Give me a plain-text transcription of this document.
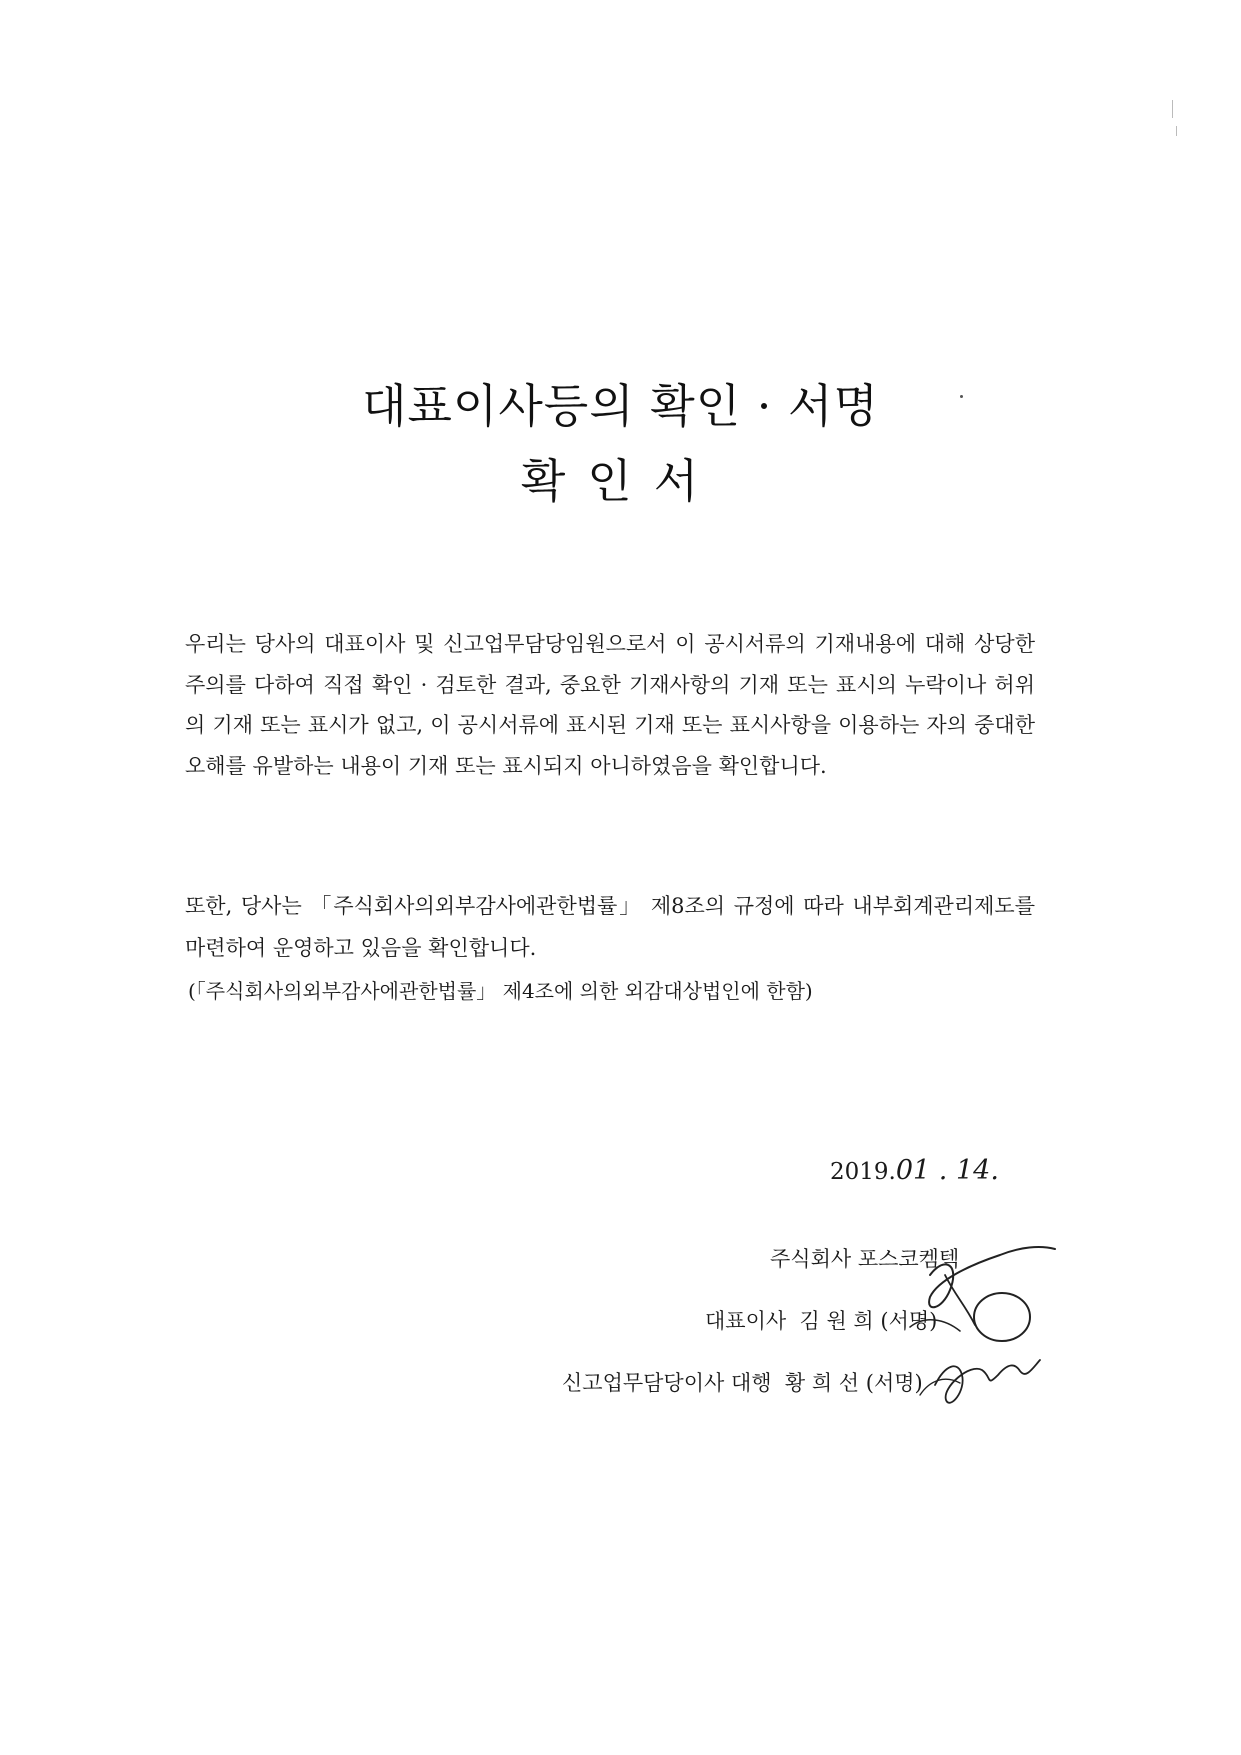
대표이사등의 확인 · 서명
확인서
우리는 당사의 대표이사 및 신고업무담당임원으로서 이 공시서류의 기재내용에 대해 상당한 주의를 다하여 직접 확인 · 검토한 결과, 중요한 기재사항의 기재 또는 표시의 누락이나 허위의 기재 또는 표시가 없고, 이 공시서류에 표시된 기재 또는 표시사항을 이용하는 자의 중대한 오해를 유발하는 내용이 기재 또는 표시되지 아니하였음을 확인합니다.
또한, 당사는 「주식회사의외부감사에관한법률」 제8조의 규정에 따라 내부회계관리제도를 마련하여 운영하고 있음을 확인합니다.
(「주식회사의외부감사에관한법률」 제4조에 의한 외감대상법인에 한함)
2019.01 . 14.
주식회사 포스코켐텍
대표이사  김 원 희 (서명)
신고업무담당이사 대행  황 희 선 (서명)
